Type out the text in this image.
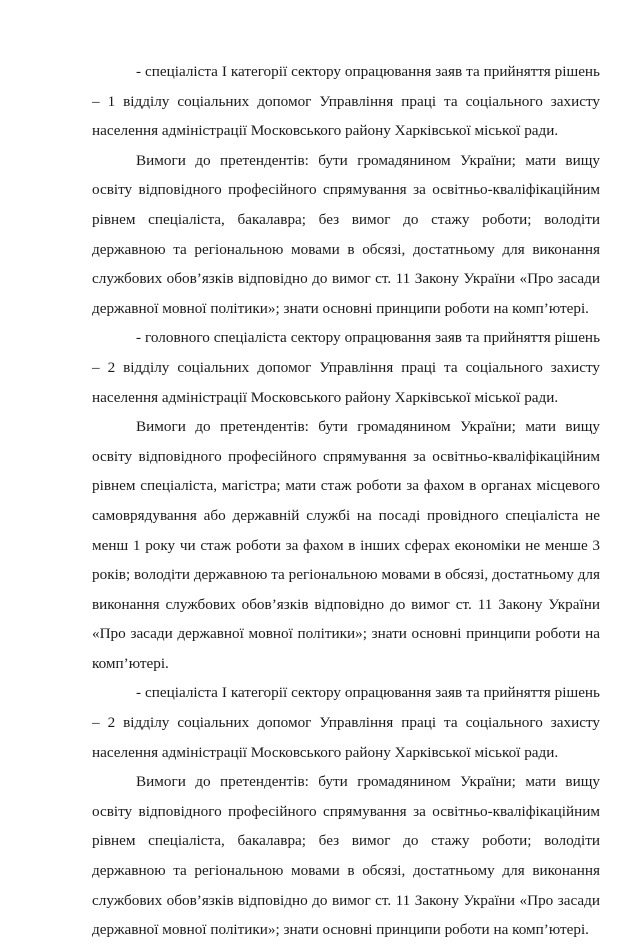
- спеціаліста І категорії сектору опрацювання заяв та прийняття рішень – 1 відділу соціальних допомог Управління праці та соціального захисту населення адміністрації Московського району Харківської міської ради.

Вимоги до претендентів: бути громадянином України; мати вищу освіту відповідного професійного спрямування за освітньо-кваліфікаційним рівнем спеціаліста, бакалавра; без вимог до стажу роботи; володіти державною та регіональною мовами в обсязі, достатньому для виконання службових обов’язків відповідно до вимог ст. 11 Закону України «Про засади державної мовної політики»; знати основні принципи роботи на комп’ютері.

- головного спеціаліста сектору опрацювання заяв та прийняття рішень – 2 відділу соціальних допомог Управління праці та соціального захисту населення адміністрації Московського району Харківської міської ради.

Вимоги до претендентів: бути громадянином України; мати вищу освіту відповідного професійного спрямування за освітньо-кваліфікаційним рівнем спеціаліста, магістра; мати стаж роботи за фахом в органах місцевого самоврядування або державній службі на посаді провідного спеціаліста не менш 1 року чи стаж роботи за фахом в інших сферах економіки не менше 3 років; володіти державною та регіональною мовами в обсязі, достатньому для виконання службових обов’язків відповідно до вимог ст. 11 Закону України «Про засади державної мовної політики»; знати основні принципи роботи на комп’ютері.

- спеціаліста І категорії сектору опрацювання заяв та прийняття рішень – 2 відділу соціальних допомог Управління праці та соціального захисту населення адміністрації Московського району Харківської міської ради.

Вимоги до претендентів: бути громадянином України; мати вищу освіту відповідного професійного спрямування за освітньо-кваліфікаційним рівнем спеціаліста, бакалавра; без вимог до стажу роботи; володіти державною та регіональною мовами в обсязі, достатньому для виконання службових обов’язків відповідно до вимог ст. 11 Закону України «Про засади державної мовної політики»; знати основні принципи роботи на комп’ютері.
